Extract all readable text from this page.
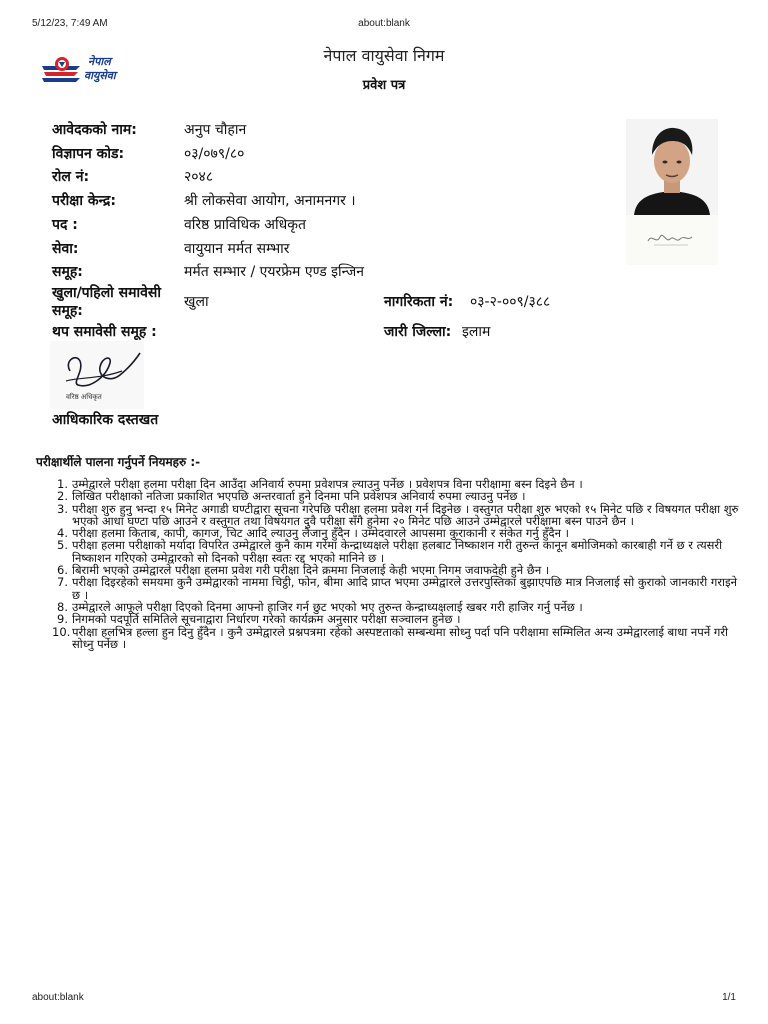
5/12/23, 7:49 AM	about:blank
नेपाल
वायुसेवा
नेपाल वायुसेवा निगम
प्रवेश पत्र
आवेदकको नाम:	अनुप चौहान
विज्ञापन कोड:	०३/०७९/८०
रोल नं:	२०४८
परीक्षा केन्द्र:	श्री लोकसेवा आयोग, अनामनगर ।
पद :	वरिष्ठ प्राविधिक अधिकृत
सेवा:	वायुयान मर्मत सम्भार
समूह:	मर्मत सम्भार / एयरफ्रेम एण्ड इन्जिन
खुला/पहिलो समावेसी
समूह:
खुला	नागरिकता नं: ०३-२-००९/३८८
थप समावेसी समूह :	जारी जिल्ला: इलाम
वरिष्ठ अधिकृत
आधिकारिक दस्तखत
परीक्षार्थीले पालना गर्नुपर्ने नियमहरु :-
1. उम्मेद्वारले परीक्षा हलमा परीक्षा दिन आउँदा अनिवार्य रुपमा प्रवेशपत्र ल्याउनु पर्नेछ । प्रवेशपत्र विना परीक्षामा बस्न दिइने छैन ।
2. लिखित परीक्षाको नतिजा प्रकाशित भएपछि अन्तरवार्ता हुने दिनमा पनि प्रवेशपत्र अनिवार्य रुपमा ल्याउनु पर्नेछ ।
3. परीक्षा शुरु हुनु भन्दा १५ मिनेट अगाडी घण्टीद्वारा सूचना गरेपछि परीक्षा हलमा प्रवेश गर्न दिइनेछ । वस्तुगत परीक्षा शुरु भएको १५ मिनेट पछि र विषयगत परीक्षा शुरु भएको आधा घण्टा पछि आउने र वस्तुगत तथा विषयगत दुवै परीक्षा सँगै हुनेमा २० मिनेट पछि आउने उम्मेद्वारले परीक्षामा बस्न पाउने छैन ।
4. परीक्षा हलमा किताब, कापी, कागज, चिट आदि ल्याउनु लैजानु हुँदैन । उम्मेदवारले आपसमा कुराकानी र संकेत गर्नु हुँदैन ।
5. परीक्षा हलमा परीक्षाको मर्यादा विपरित उम्मेद्वारले कुनै काम गरेमा केन्द्राध्यक्षले परीक्षा हलबाट निष्काशन गरी तुरुन्त कानून बमोजिमको कारबाही गर्ने छ र त्यसरी निष्काशन गरिएको उम्मेद्वारको सो दिनको परीक्षा स्वतः रद्द भएको मानिने छ ।
6. बिरामी भएको उम्मेद्वारले परीक्षा हलमा प्रवेश गरी परीक्षा दिने क्रममा निजलाई केही भएमा निगम जवाफदेही हुने छैन ।
7. परीक्षा दिइरहेको समयमा कुनै उम्मेद्वारको नाममा चिट्ठी, फोन, बीमा आदि प्राप्त भएमा उम्मेद्वारले उत्तरपुस्तिका बुझाएपछि मात्र निजलाई सो कुराको जानकारी गराइने छ ।
8. उम्मेद्वारले आफूले परीक्षा दिएको दिनमा आफ्नो हाजिर गर्न छुट भएको भए तुरुन्त केन्द्राध्यक्षलाई खबर गरी हाजिर गर्नु पर्नेछ ।
9. निगमको पदपूर्ति समितिले सूचनाद्वारा निर्धारण गरेको कार्यक्रम अनुसार परीक्षा सञ्चालन हुनेछ ।
10. परीक्षा हलभित्र हल्ला हुन दिनु हुँदैन । कुनै उम्मेद्वारले प्रश्नपत्रमा रहेको अस्पष्टताको सम्बन्धमा सोध्नु पर्दा पनि परीक्षामा सम्मिलित अन्य उम्मेद्वारलाई बाधा नपर्ने गरी सोध्नु पर्नेछ ।
about:blank	1/1
